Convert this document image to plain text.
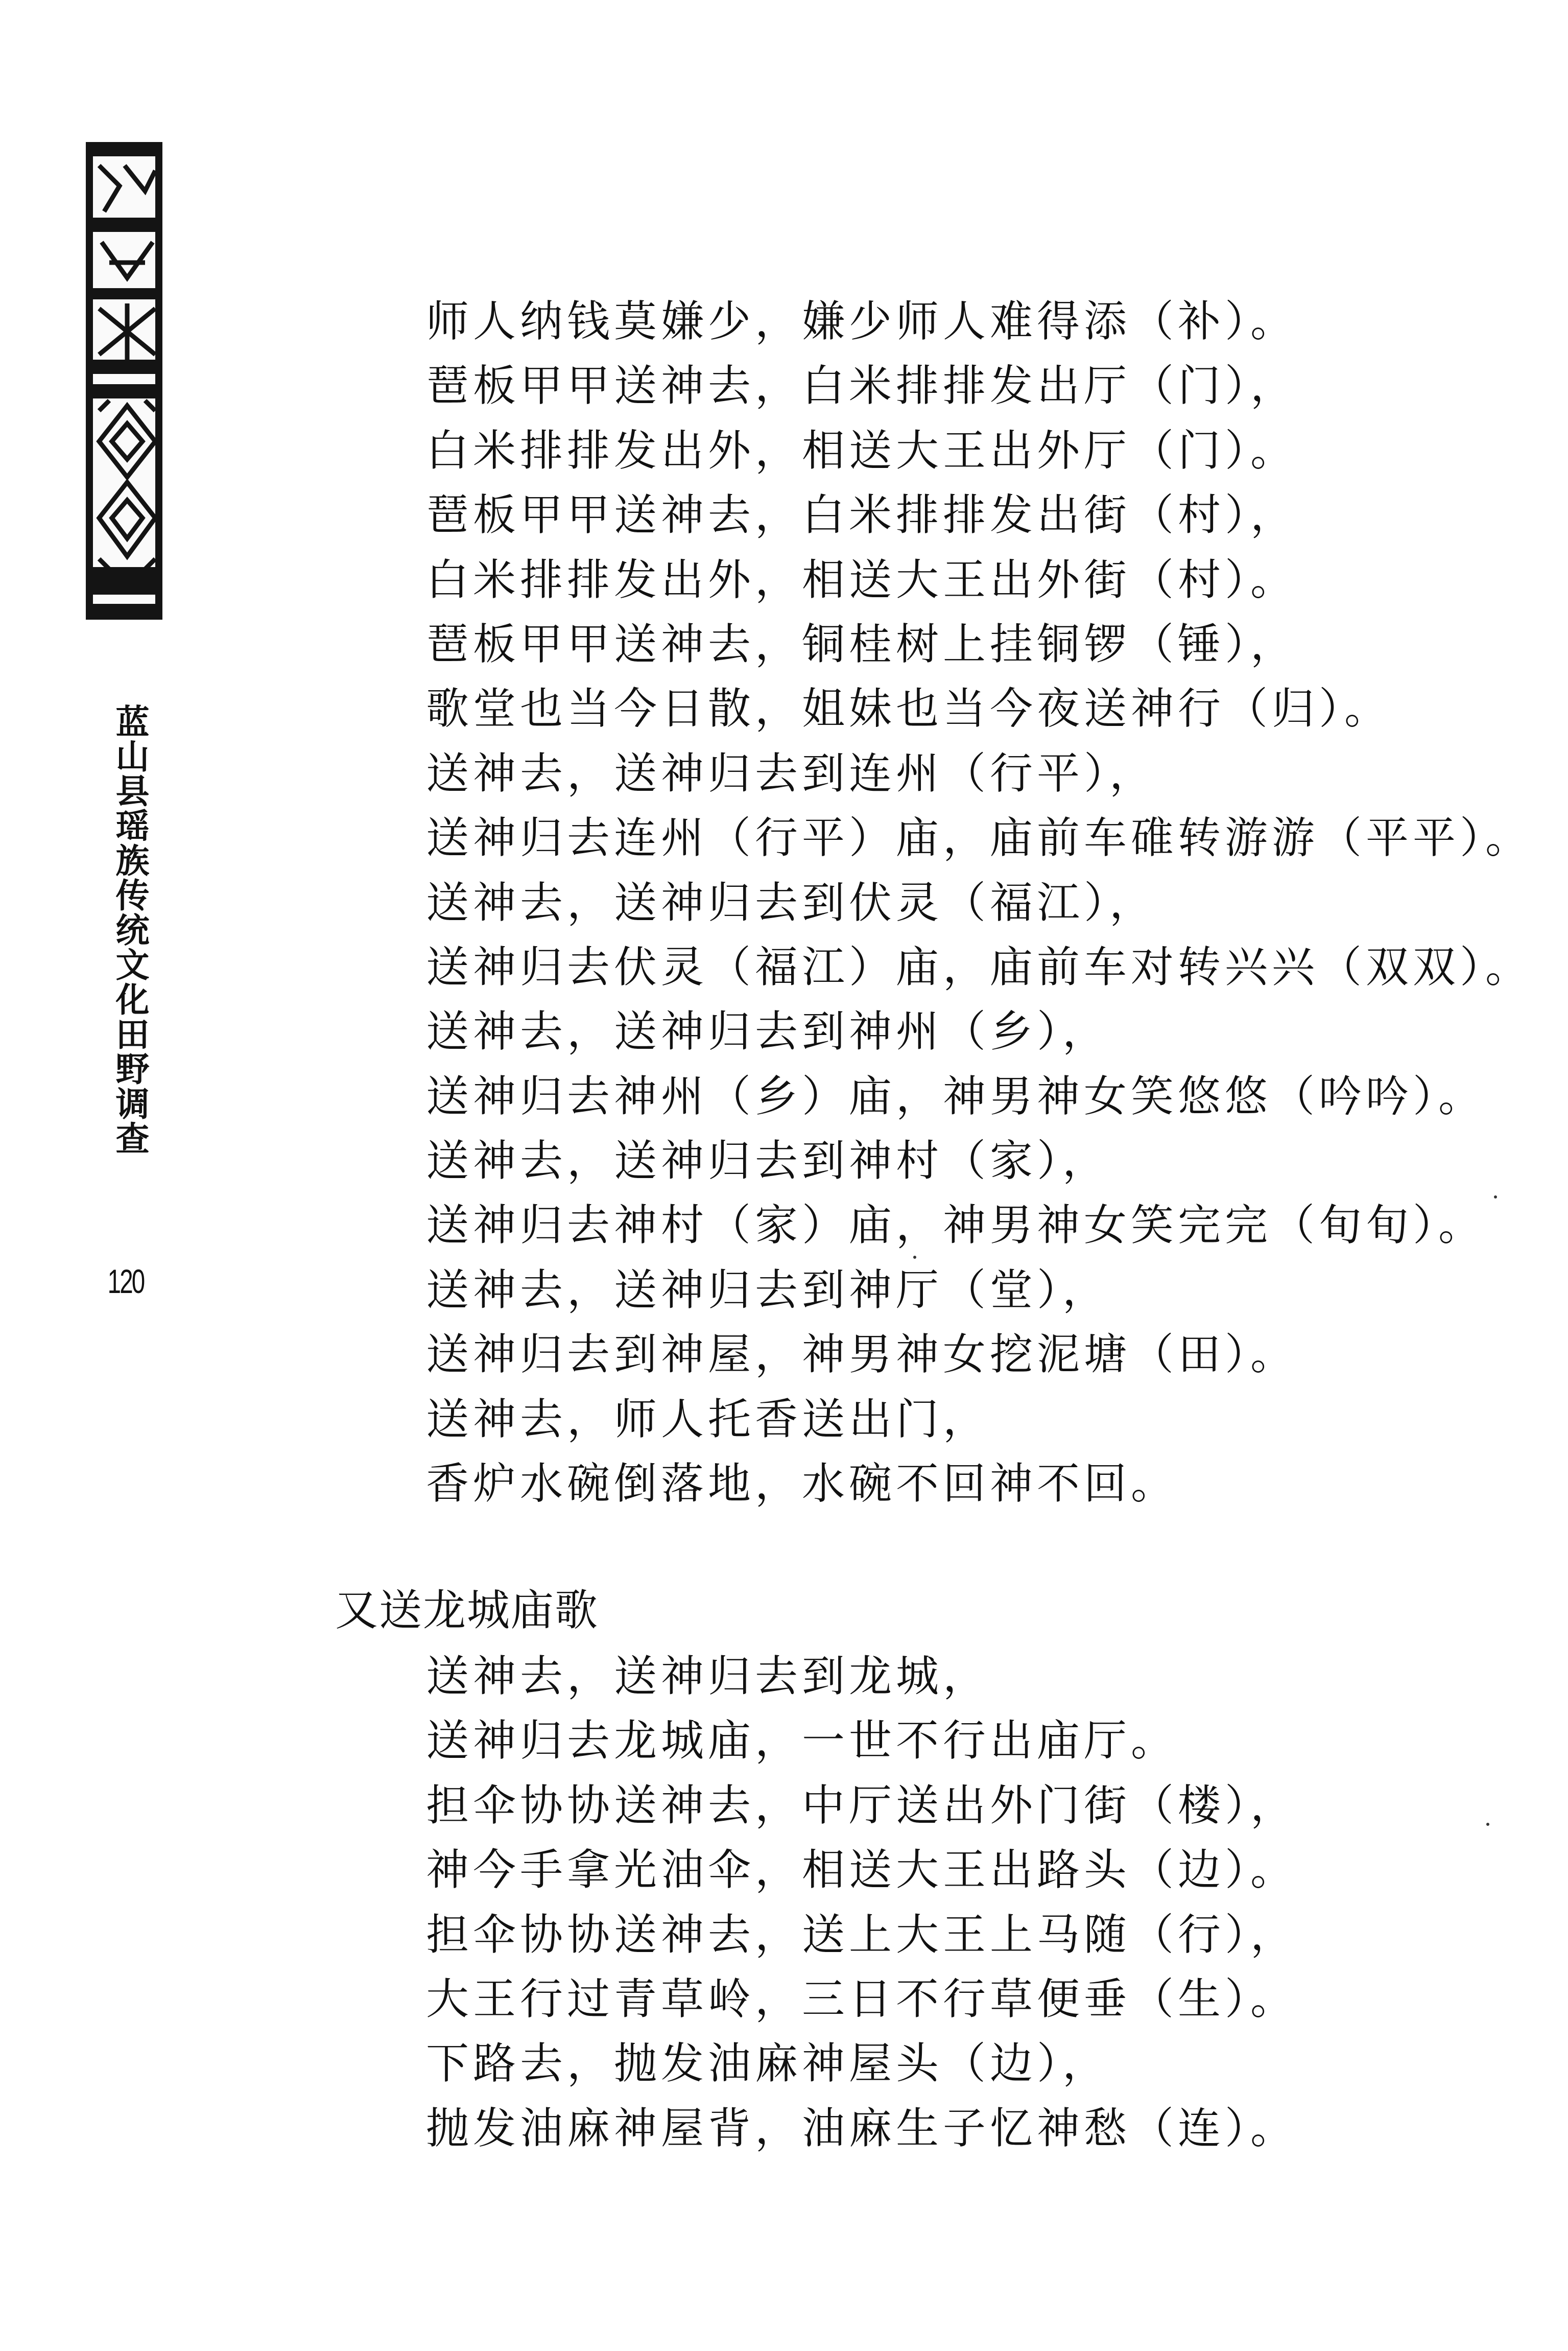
蓝山县瑶族传统文化田野调查
120
师人纳钱莫嫌少，嫌少师人难得添（补）。
琶板甲甲送神去，白米排排发出厅（门），
白米排排发出外，相送大王出外厅（门）。
琶板甲甲送神去，白米排排发出街（村），
白米排排发出外，相送大王出外街（村）。
琶板甲甲送神去，铜桂树上挂铜锣（锤），
歌堂也当今日散，姐妹也当今夜送神行（归）。
送神去，送神归去到连州（行平），
送神归去连州（行平）庙，庙前车碓转游游（平平）。
送神去，送神归去到伏灵（福江），
送神归去伏灵（福江）庙，庙前车对转兴兴（双双）。
送神去，送神归去到神州（乡），
送神归去神州（乡）庙，神男神女笑悠悠（吟吟）。
送神去，送神归去到神村（家），
送神归去神村（家）庙，神男神女笑完完（旬旬）。
送神去，送神归去到神厅（堂），
送神归去到神屋，神男神女挖泥塘（田）。
送神去，师人托香送出门，
香炉水碗倒落地，水碗不回神不回。
又送龙城庙歌
送神去，送神归去到龙城，
送神归去龙城庙，一世不行出庙厅。
担伞协协送神去，中厅送出外门街（楼），
神今手拿光油伞，相送大王出路头（边）。
担伞协协送神去，送上大王上马随（行），
大王行过青草岭，三日不行草便垂（生）。
下路去，抛发油麻神屋头（边），
抛发油麻神屋背，油麻生子忆神愁（连）。
